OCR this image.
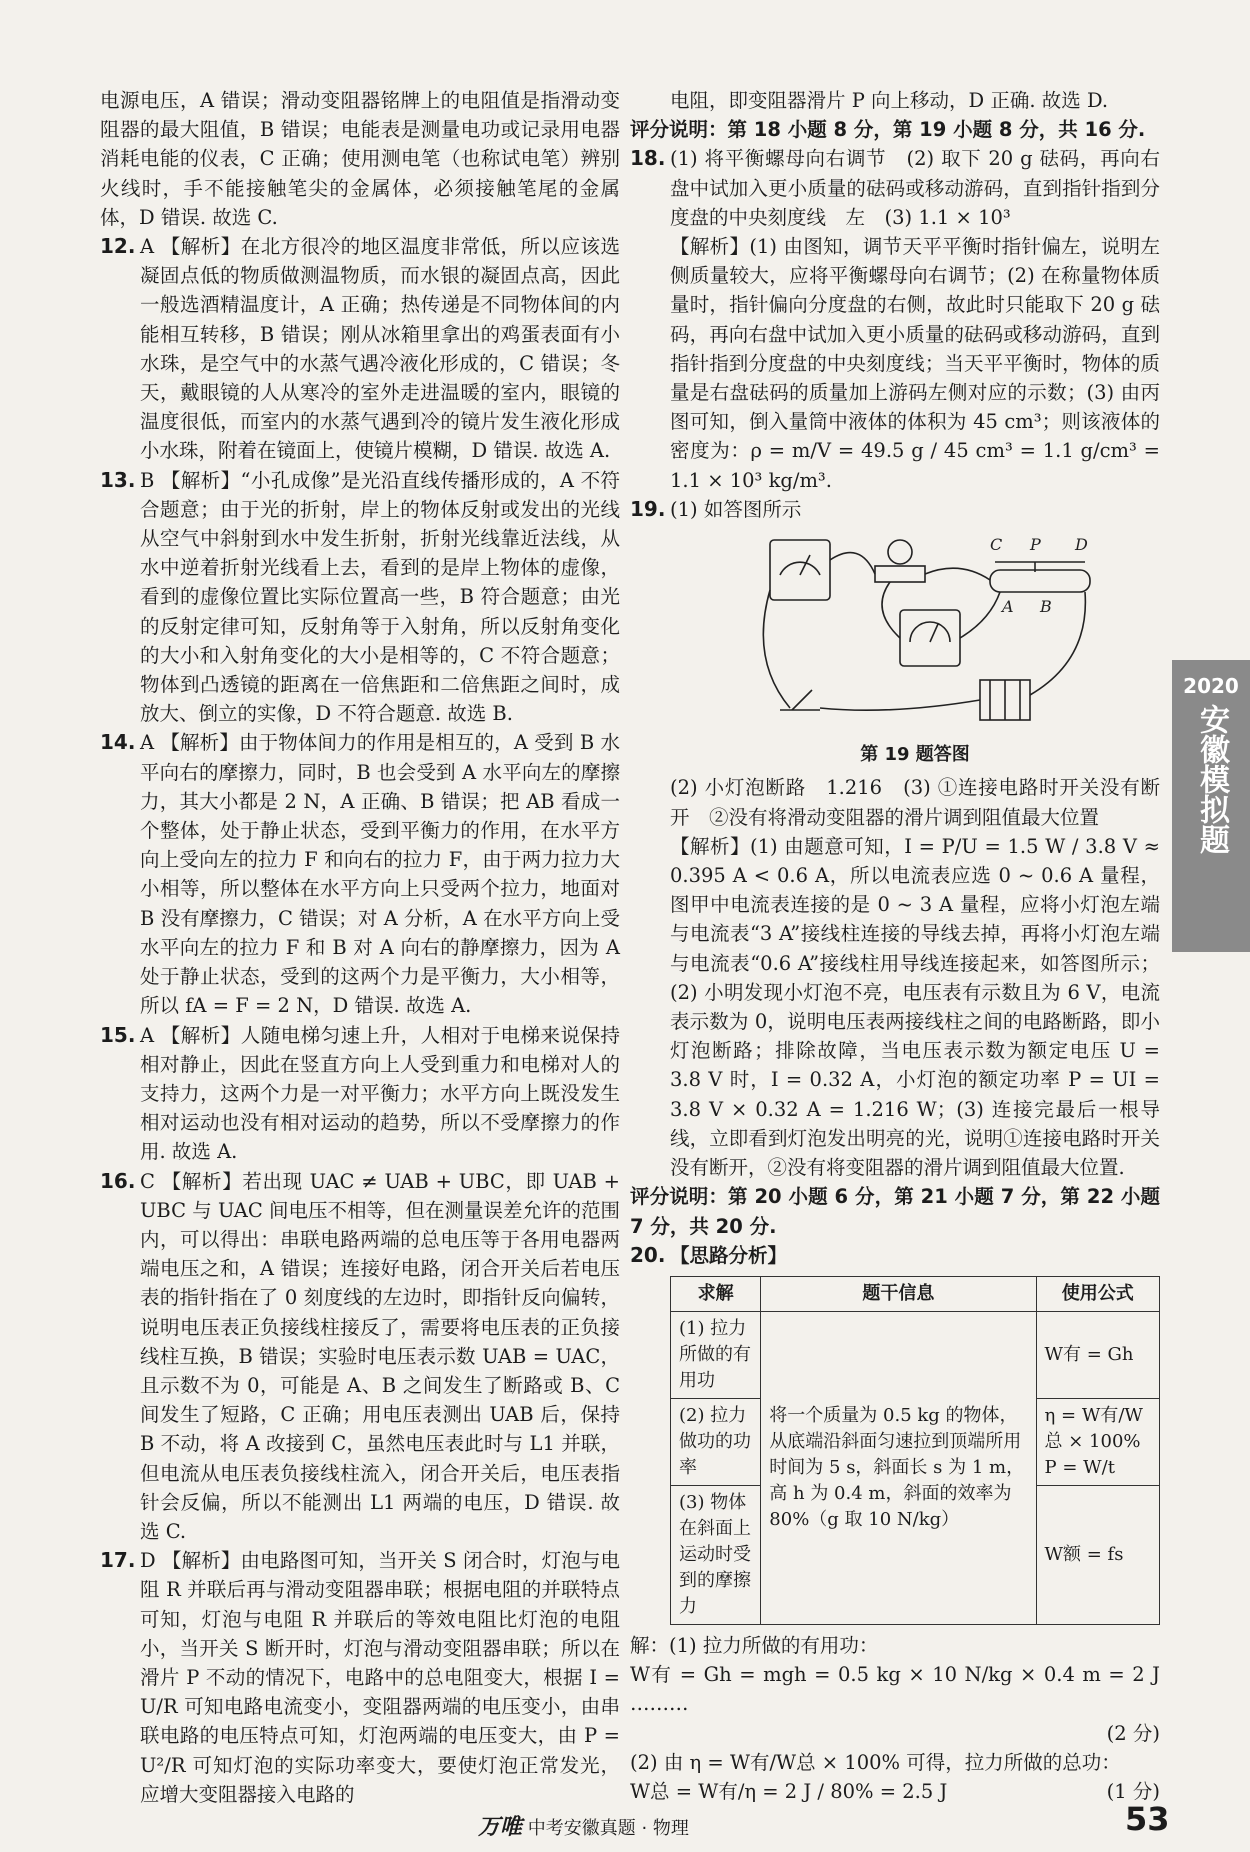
电源电压，A 错误；滑动变阻器铭牌上的电阻值是指滑动变阻器的最大阻值，B 错误；电能表是测量电功或记录用电器消耗电能的仪表，C 正确；使用测电笔（也称试电笔）辨别火线时，手不能接触笔尖的金属体，必须接触笔尾的金属体，D 错误. 故选 C.

12. A 【解析】在北方很冷的地区温度非常低，所以应该选凝固点低的物质做测温物质，而水银的凝固点高，因此一般选酒精温度计，A 正确；热传递是不同物体间的内能相互转移，B 错误；刚从冰箱里拿出的鸡蛋表面有小水珠，是空气中的水蒸气遇冷液化形成的，C 错误；冬天，戴眼镜的人从寒冷的室外走进温暖的室内，眼镜的温度很低，而室内的水蒸气遇到冷的镜片发生液化形成小水珠，附着在镜面上，使镜片模糊，D 错误. 故选 A.

13. B 【解析】“小孔成像”是光沿直线传播形成的，A 不符合题意；由于光的折射，岸上的物体反射或发出的光线从空气中斜射到水中发生折射，折射光线靠近法线，从水中逆着折射光线看上去，看到的是岸上物体的虚像，看到的虚像位置比实际位置高一些，B 符合题意；由光的反射定律可知，反射角等于入射角，所以反射角变化的大小和入射角变化的大小是相等的，C 不符合题意；物体到凸透镜的距离在一倍焦距和二倍焦距之间时，成放大、倒立的实像，D 不符合题意. 故选 B.

14. A 【解析】由于物体间力的作用是相互的，A 受到 B 水平向右的摩擦力，同时，B 也会受到 A 水平向左的摩擦力，其大小都是 2 N，A 正确、B 错误；把 AB 看成一个整体，处于静止状态，受到平衡力的作用，在水平方向上受向左的拉力 F 和向右的拉力 F，由于两力拉力大小相等，所以整体在水平方向上只受两个拉力，地面对 B 没有摩擦力，C 错误；对 A 分析，A 在水平方向上受水平向左的拉力 F 和 B 对 A 向右的静摩擦力，因为 A 处于静止状态，受到的这两个力是平衡力，大小相等，所以 fA = F = 2 N，D 错误. 故选 A.

15. A 【解析】人随电梯匀速上升，人相对于电梯来说保持相对静止，因此在竖直方向上人受到重力和电梯对人的支持力，这两个力是一对平衡力；水平方向上既没发生相对运动也没有相对运动的趋势，所以不受摩擦力的作用. 故选 A.

16. C 【解析】若出现 UAC ≠ UAB + UBC，即 UAB + UBC 与 UAC 间电压不相等，但在测量误差允许的范围内，可以得出：串联电路两端的总电压等于各用电器两端电压之和，A 错误；连接好电路，闭合开关后若电压表的指针指在了 0 刻度线的左边时，即指针反向偏转，说明电压表正负接线柱接反了，需要将电压表的正负接线柱互换，B 错误；实验时电压表示数 UAB = UAC，且示数不为 0，可能是 A、B 之间发生了断路或 B、C 间发生了短路，C 正确；用电压表测出 UAB 后，保持 B 不动，将 A 改接到 C，虽然电压表此时与 L1 并联，但电流从电压表负接线柱流入，闭合开关后，电压表指针会反偏，所以不能测出 L1 两端的电压，D 错误. 故选 C.

17. D 【解析】由电路图可知，当开关 S 闭合时，灯泡与电阻 R 并联后再与滑动变阻器串联；根据电阻的并联特点可知，灯泡与电阻 R 并联后的等效电阻比灯泡的电阻小，当开关 S 断开时，灯泡与滑动变阻器串联；所以在滑片 P 不动的情况下，电路中的总电阻变大，根据 I = U/R 可知电路电流变小，变阻器两端的电压变小，由串联电路的电压特点可知，灯泡两端的电压变大，由 P = U²/R 可知灯泡的实际功率变大，要使灯泡正常发光，应增大变阻器接入电路的

电阻，即变阻器滑片 P 向上移动，D 正确. 故选 D.

评分说明：第 18 小题 8 分，第 19 小题 8 分，共 16 分.

18. (1) 将平衡螺母向右调节　(2) 取下 20 g 砝码，再向右盘中试加入更小质量的砝码或移动游码，直到指针指到分度盘的中央刻度线　左　(3) 1.1 × 10³

【解析】(1) 由图知，调节天平平衡时指针偏左，说明左侧质量较大，应将平衡螺母向右调节；(2) 在称量物体质量时，指针偏向分度盘的右侧，故此时只能取下 20 g 砝码，再向右盘中试加入更小质量的砝码或移动游码，直到指针指到分度盘的中央刻度线；当天平平衡时，物体的质量是右盘砝码的质量加上游码左侧对应的示数；(3) 由丙图可知，倒入量筒中液体的体积为 45 cm³；则该液体的密度为：ρ = m/V = 49.5 g / 45 cm³ = 1.1 g/cm³ = 1.1 × 10³ kg/m³.

19. (1) 如答图所示

C P D
A B

第 19 题答图

(2) 小灯泡断路　1.216　(3) ①连接电路时开关没有断开　②没有将滑动变阻器的滑片调到阻值最大位置

【解析】(1) 由题意可知，I = P/U = 1.5 W / 3.8 V ≈ 0.395 A < 0.6 A，所以电流表应选 0 ~ 0.6 A 量程，图甲中电流表连接的是 0 ~ 3 A 量程，应将小灯泡左端与电流表“3 A”接线柱连接的导线去掉，再将小灯泡左端与电流表“0.6 A”接线柱用导线连接起来，如答图所示；(2) 小明发现小灯泡不亮，电压表有示数且为 6 V，电流表示数为 0，说明电压表两接线柱之间的电路断路，即小灯泡断路；排除故障，当电压表示数为额定电压 U = 3.8 V 时，I = 0.32 A，小灯泡的额定功率 P = UI = 3.8 V × 0.32 A = 1.216 W；(3) 连接完最后一根导线，立即看到灯泡发出明亮的光，说明①连接电路时开关没有断开，②没有将变阻器的滑片调到阻值最大位置.

评分说明：第 20 小题 6 分，第 21 小题 7 分，第 22 小题 7 分，共 20 分.

20. 【思路分析】

求解	题干信息	使用公式
(1) 拉力所做的有用功	将一个质量为 0.5 kg 的物体，从底端沿斜面匀速拉到顶端所用时间为 5 s，斜面长 s 为 1 m，高 h 为 0.4 m，斜面的效率为 80%（g 取 10 N/kg）	W有 = Gh
(2) 拉力做功的功率		η = W有/W总 × 100%　P = W/t
(3) 物体在斜面上运动时受到的摩擦力		W额 = fs

解：(1) 拉力所做的有用功：

W有 = Gh = mgh = 0.5 kg × 10 N/kg × 0.4 m = 2 J ………

(2 分)

(2) 由 η = W有/W总 × 100% 可得，拉力所做的总功：

W总 = W有/η = 2 J / 80% = 2.5 J	(1 分)

2020
安徽模拟题
万唯 中考安徽真题 · 物理	53
